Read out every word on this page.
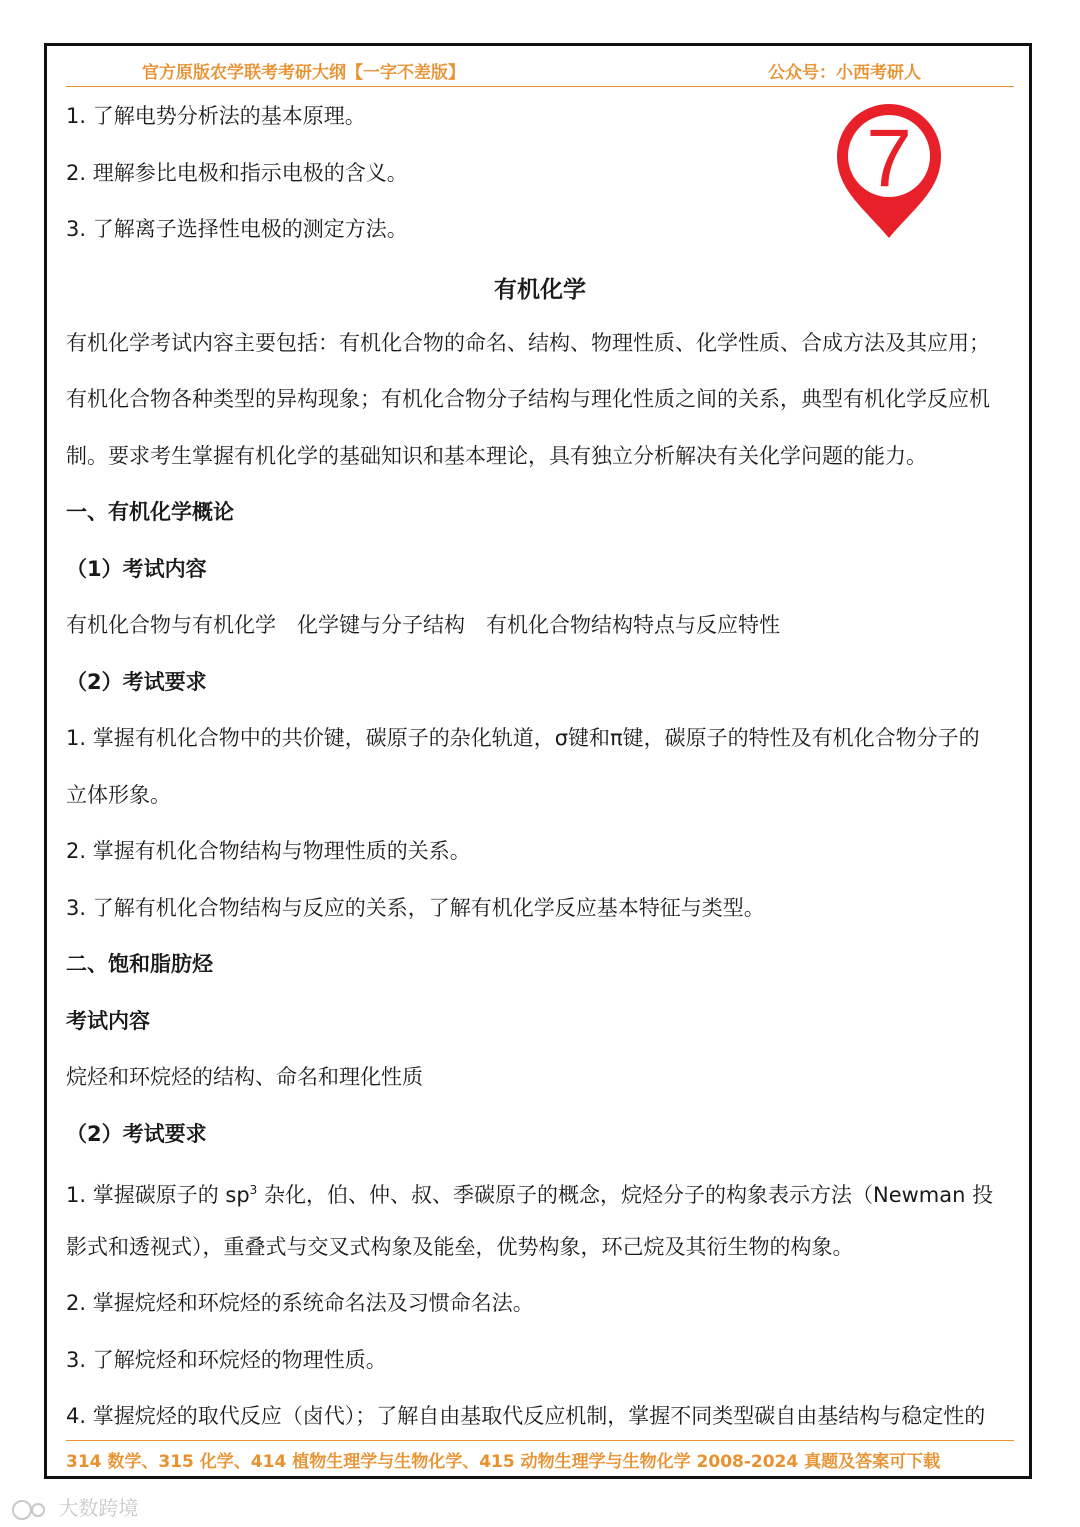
官方原版农学联考考研大纲【一字不差版】	公众号：小西考研人
7
1. 了解电势分析法的基本原理。
2. 理解参比电极和指示电极的含义。
3. 了解离子选择性电极的测定方法。
有机化学
有机化学考试内容主要包括：有机化合物的命名、结构、物理性质、化学性质、合成方法及其应用；
有机化合物各种类型的异构现象；有机化合物分子结构与理化性质之间的关系，典型有机化学反应机
制。要求考生掌握有机化学的基础知识和基本理论，具有独立分析解决有关化学问题的能力。
一、有机化学概论
（1）考试内容
有机化合物与有机化学　化学键与分子结构　有机化合物结构特点与反应特性
（2）考试要求
1. 掌握有机化合物中的共价键，碳原子的杂化轨道，σ键和π键，碳原子的特性及有机化合物分子的
立体形象。
2. 掌握有机化合物结构与物理性质的关系。
3. 了解有机化合物结构与反应的关系，了解有机化学反应基本特征与类型。
二、饱和脂肪烃
考试内容
烷烃和环烷烃的结构、命名和理化性质
（2）考试要求
1. 掌握碳原子的 $sp^3$ 杂化，伯、仲、叔、季碳原子的概念，烷烃分子的构象表示方法（Newman 投
影式和透视式），重叠式与交叉式构象及能垒，优势构象，环己烷及其衍生物的构象。
2. 掌握烷烃和环烷烃的系统命名法及习惯命名法。
3. 了解烷烃和环烷烃的物理性质。
4. 掌握烷烃的取代反应（卤代）；了解自由基取代反应机制，掌握不同类型碳自由基结构与稳定性的
314 数学、315 化学、414 植物生理学与生物化学、415 动物生理学与生物化学 2008-2024 真题及答案可下载
大数跨境
